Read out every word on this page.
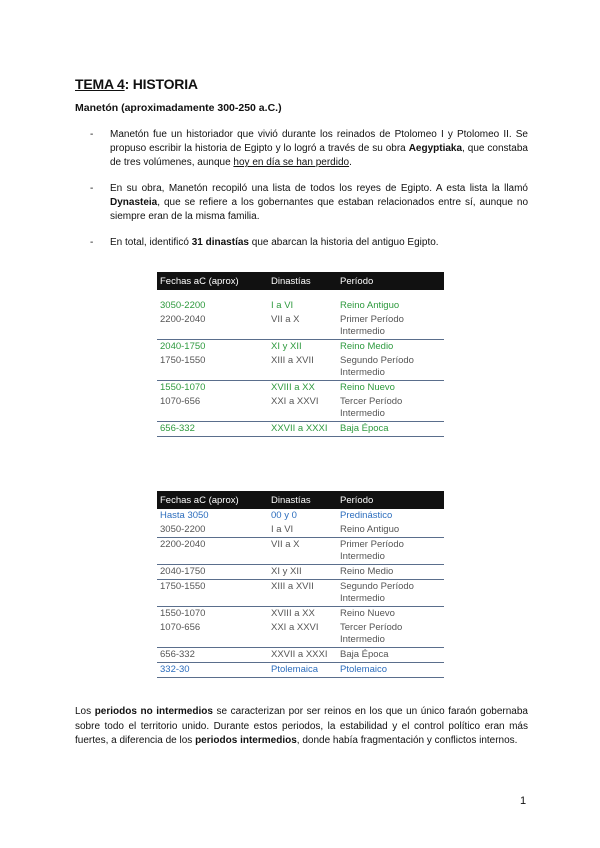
TEMA 4: HISTORIA
Manetón (aproximadamente 300-250 a.C.)
- Manetón fue un historiador que vivió durante los reinados de Ptolomeo I y Ptolomeo II. Se propuso escribir la historia de Egipto y lo logró a través de su obra Aegyptiaka, que constaba de tres volúmenes, aunque hoy en día se han perdido.
- En su obra, Manetón recopiló una lista de todos los reyes de Egipto. A esta lista la llamó Dynasteia, que se refiere a los gobernantes que estaban relacionados entre sí, aunque no siempre eran de la misma familia.
- En total, identificó 31 dinastías que abarcan la historia del antiguo Egipto.
Fechas aC (aprox)	Dinastías	Período

3050-2200	I a VI	Reino Antiguo
2200-2040	VII a X	Primer Período Intermedio
2040-1750	XI y XII	Reino Medio
1750-1550	XIII a XVII	Segundo Período Intermedio
1550-1070	XVIII a XX	Reino Nuevo
1070-656	XXI a XXVI	Tercer Período Intermedio
656-332	XXVII a XXXI	Baja Época
Fechas aC (aprox)	Dinastías	Período
Hasta 3050	00 y 0	Predinástico
3050-2200	I a VI	Reino Antiguo
2200-2040	VII a X	Primer Período Intermedio
2040-1750	XI y XII	Reino Medio
1750-1550	XIII a XVII	Segundo Período Intermedio
1550-1070	XVIII a XX	Reino Nuevo
1070-656	XXI a XXVI	Tercer Período Intermedio
656-332	XXVII a XXXI	Baja Época
332-30	Ptolemaica	Ptolemaico

Los periodos no intermedios se caracterizan por ser reinos en los que un único faraón gobernaba sobre todo el territorio unido. Durante estos periodos, la estabilidad y el control político eran más fuertes, a diferencia de los periodos intermedios, donde había fragmentación y conflictos internos.

1
